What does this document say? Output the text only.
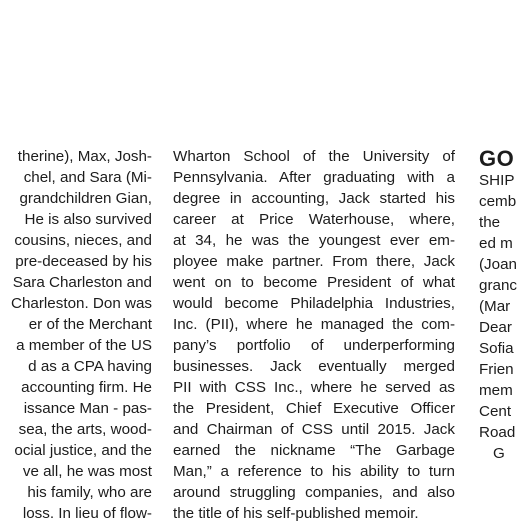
therine), Max, Josh-
chel, and Sara (Mi-
grandchildren Gian,
He is also survived
cousins, nieces, and
pre-deceased by his
Sara Charleston and
Charleston. Don was
er of the Merchant
a member of the US
d as a CPA having
accounting firm. He
issance Man - pas-
sea, the arts, wood-
ocial justice, and the
ve all, he was most
his family, who are
loss. In lieu of flow-
Wharton School of the University of
Pennsylvania. After graduating with a
degree in accounting, Jack started his
career at Price Waterhouse, where,
at 34, he was the youngest ever em-
ployee make partner. From there, Jack
went on to become President of what
would become Philadelphia Industries,
Inc. (PII), where he managed the com-
pany’s portfolio of underperforming
businesses. Jack eventually merged
PII with CSS Inc., where he served as
the President, Chief Executive Officer
and Chairman of CSS until 2015. Jack
earned the nickname “The Garbage
Man,” a reference to his ability to turn
around struggling companies, and also
the title of his self-published memoir.
GO
SHIP
cemb
the
ed m
(Joan
granc
(Mar
Dear
Sofia
Frien
mem
Cent
Road
G
